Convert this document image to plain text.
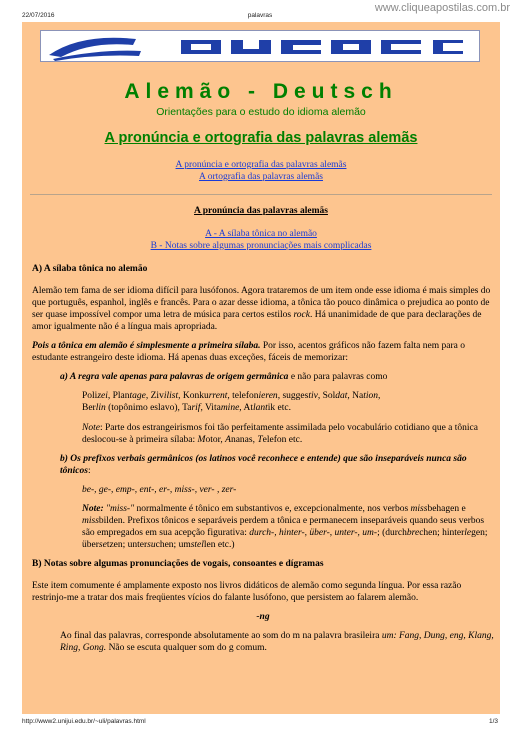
22/07/2016	palavras
www.cliqueapostilas.com.br
Alemão - Deutsch
Orientações para o estudo do idioma alemão
A pronúncia e ortografia das palavras alemãs
A pronúncia e ortografia das palavras alemãs
A ortografia das palavras alemãs
A pronúncia das palavras alemãs
A - A sílaba tônica no alemão
B - Notas sobre algumas pronunciações mais complicadas

A) A sílaba tônica no alemão

Alemão tem fama de ser idioma difícil para lusófonos. Agora trataremos de um item onde esse idioma é mais simples do que português, espanhol, inglês e francês. Para o azar desse idioma, a tônica tão pouco dinâmica o prejudica ao ponto de ser quase impossível compor uma letra de música para certos estilos rock. Há unanimidade de que para declarações de amor igualmente não é a língua mais apropriada.

Pois a tônica em alemão é simplesmente a primeira sílaba. Por isso, acentos gráficos não fazem falta nem para o estudante estrangeiro deste idioma. Há apenas duas exceções, fáceis de memorizar:

a) A regra vale apenas para palavras de origem germânica e não para palavras como

Polizei, Plantage, Zivilist, Konkurrent, telefonieren, suggestiv, Soldat, Nation,
Berlin (topônimo eslavo), Tarif, Vitamine, Atlantik etc.

Note: Parte dos estrangeirismos foi tão perfeitamente assimilada pelo vocabulário cotidiano que a tônica deslocou-se à primeira sílaba: Motor, Ananas, Telefon etc.

b) Os prefixos verbais germânicos (os latinos você reconhece e entende) que são inseparáveis nunca são tônicos:

be-, ge-, emp-, ent-, er-, miss-, ver- , zer-

Note: "miss-" normalmente é tônico em substantivos e, excepcionalmente, nos verbos missbehagen e missbilden. Prefixos tônicos e separáveis perdem a tônica e permanecem inseparáveis quando seus verbos são empregados em sua acepção figurativa: durch-, hinter-, über-, unter-, um-; (durchbrechen; hinterlegen; übersetzen; untersuchen; umstellen etc.)

B) Notas sobre algumas pronunciações de vogais, consoantes e dígramas

Este item comumente é amplamente exposto nos livros didáticos de alemão como segunda língua. Por essa razão restrinjo-me a tratar dos mais freqüentes vícios do falante lusófono, que persistem ao falarem alemão.

-ng

Ao final das palavras, corresponde absolutamente ao som do m na palavra brasileira um: Fang, Dung, eng, Klang, Ring, Gong. Não se escuta qualquer som do g comum.

http://www2.unijui.edu.br/~uli/palavras.html	1/3
